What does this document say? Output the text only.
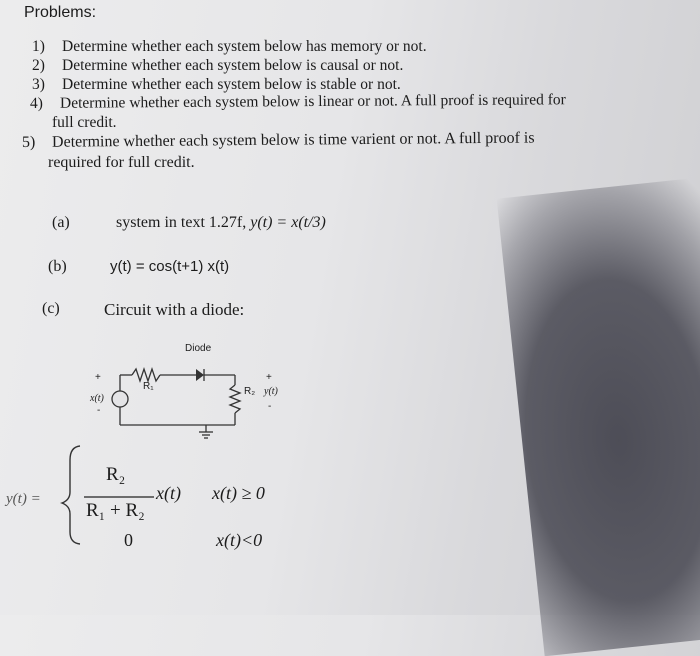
Problems:
1) Determine whether each system below has memory or not.
2) Determine whether each system below is causal or not.
3) Determine whether each system below is stable or not.
4) Determine whether each system below is linear or not. A full proof is required for
full credit.
5) Determine whether each system below is time varient or not. A full proof is
required for full credit.
(a)	system in text 1.27f, y(t) = x(t/3)
(b)	y(t) = cos(t+1) x(t)
(c)	Circuit with a diode:
Diode
R₁	R₂ y(t)
x(t)
+
-
+
-
y(t) =
R₂
R₁ + R₂
x(t) x(t) ≥ 0
0	x(t)<0
